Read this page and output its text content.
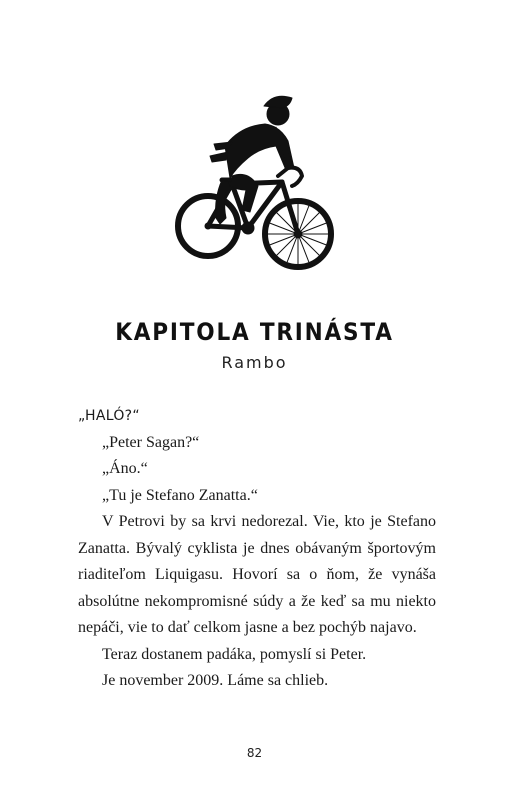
KAPITOLA TRINÁSTA
Rambo

„HALÓ?“

„Peter Sagan?“

„Áno.“

„Tu je Stefano Zanatta.“

V Petrovi by sa krvi nedorezal. Vie, kto je Stefano Zanatta. Bývalý cyklista je dnes obávaným športovým riaditeľom Liquigasu. Hovorí sa o ňom, že vynáša absolútne nekompromisné súdy a že keď sa mu niekto nepáči, vie to dať celkom jasne a bez pochýb najavo.

Teraz dostanem padáka, pomyslí si Peter.

Je november 2009. Láme sa chlieb.

82
